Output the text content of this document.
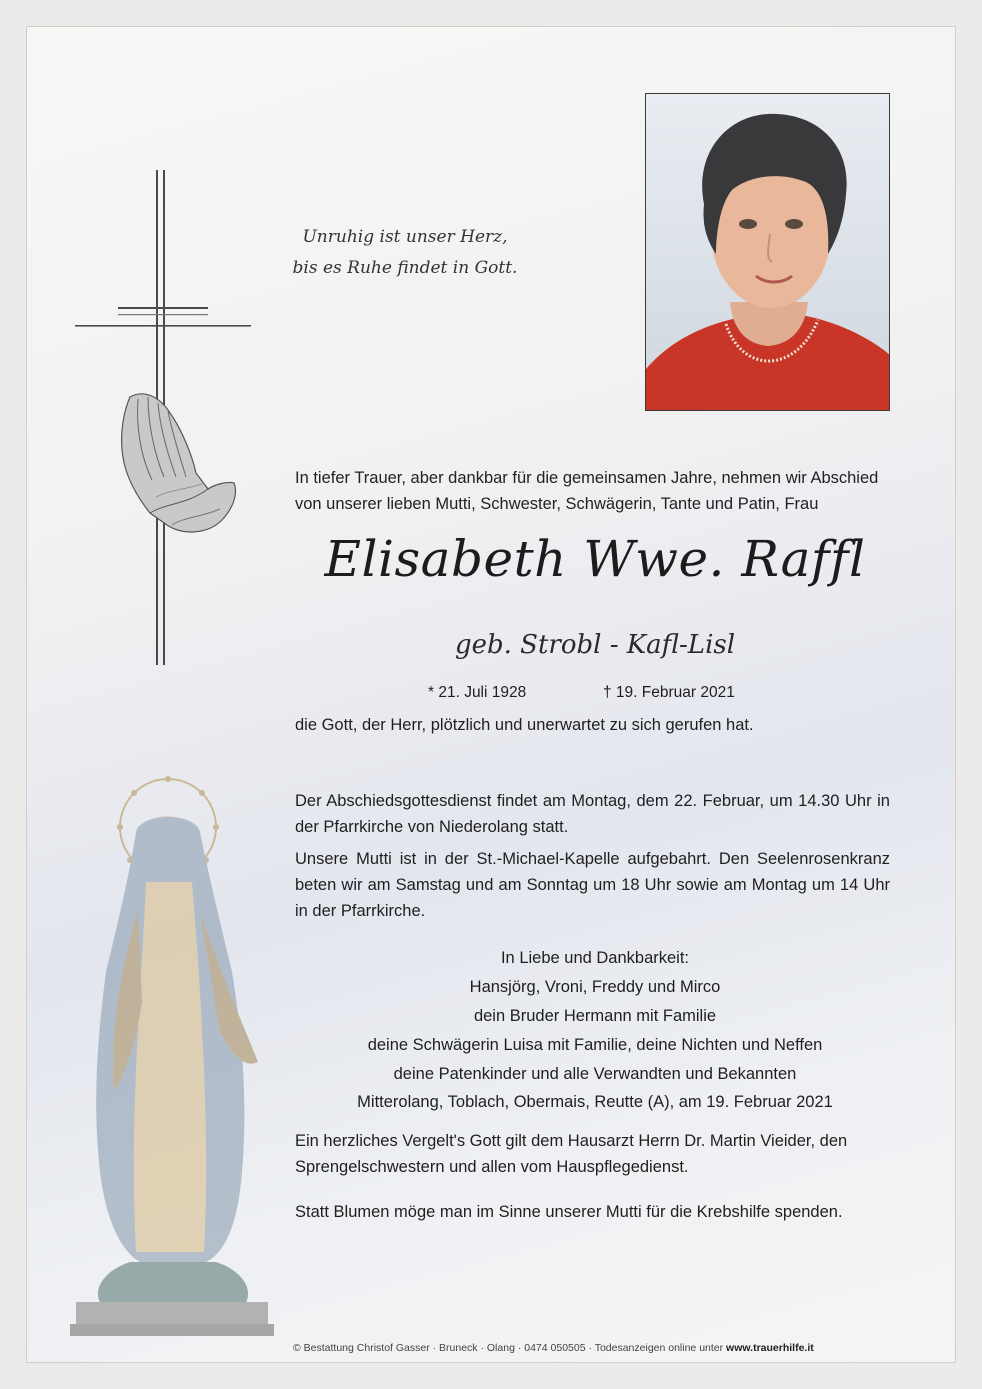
Unruhig ist unser Herz,
bis es Ruhe findet in Gott.
In tiefer Trauer, aber dankbar für die gemeinsamen Jahre, nehmen wir Abschied
von unserer lieben Mutti, Schwester, Schwägerin, Tante und Patin, Frau
Elisabeth Wwe. Raffl
geb. Strobl - Kafl-Lisl
* 21. Juli 1928	† 19. Februar 2021
die Gott, der Herr, plötzlich und unerwartet zu sich gerufen hat.
Der Abschiedsgottesdienst findet am Montag, dem 22. Februar, um 14.30 Uhr in der Pfarrkirche von Niederolang statt.
Unsere Mutti ist in der St.-Michael-Kapelle aufgebahrt. Den Seelenrosenkranz beten wir am Samstag und am Sonntag um 18 Uhr sowie am Montag um 14 Uhr in der Pfarrkirche.
In Liebe und Dankbarkeit:
Hansjörg, Vroni, Freddy und Mirco
dein Bruder Hermann mit Familie
deine Schwägerin Luisa mit Familie, deine Nichten und Neffen
deine Patenkinder und alle Verwandten und Bekannten
Mitterolang, Toblach, Obermais, Reutte (A), am 19. Februar 2021
Ein herzliches Vergelt's Gott gilt dem Hausarzt Herrn Dr. Martin Vieider, den Sprengelschwestern und allen vom Hauspflegedienst.
Statt Blumen möge man im Sinne unserer Mutti für die Krebshilfe spenden.
© Bestattung Christof Gasser · Bruneck · Olang · 0474 050505 · Todesanzeigen online unter www.trauerhilfe.it
